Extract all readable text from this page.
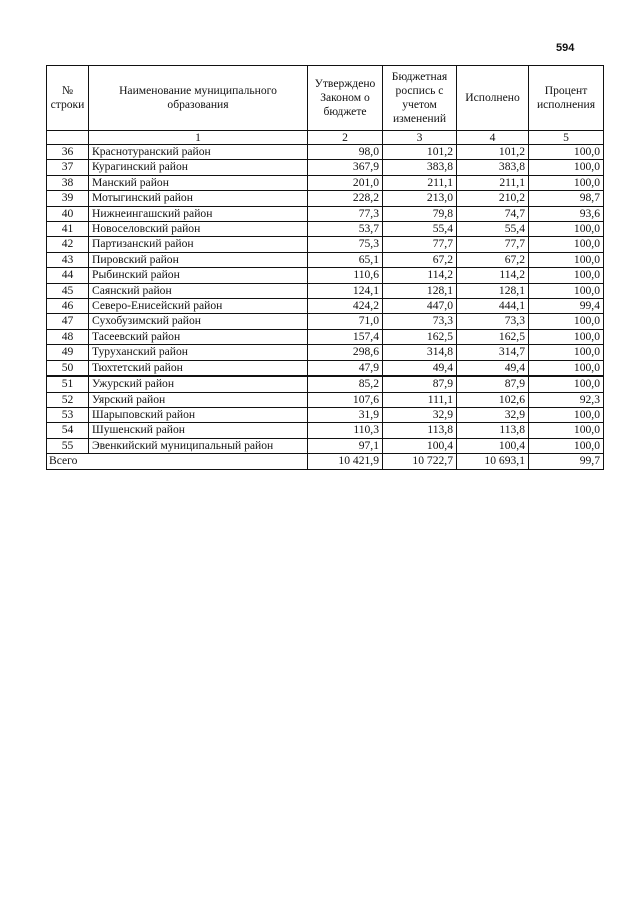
594
№ строки	Наименование муниципального образования	Утверждено Законом о бюджете	Бюджетная роспись с учетом изменений	Исполнено	Процент исполнения
	1	2	3	4	5
36	Краснотуранский район	98,0	101,2	101,2	100,0
37	Курагинский район	367,9	383,8	383,8	100,0
38	Манский район	201,0	211,1	211,1	100,0
39	Мотыгинский район	228,2	213,0	210,2	98,7
40	Нижнеингашский район	77,3	79,8	74,7	93,6
41	Новоселовский район	53,7	55,4	55,4	100,0
42	Партизанский район	75,3	77,7	77,7	100,0
43	Пировский район	65,1	67,2	67,2	100,0
44	Рыбинский район	110,6	114,2	114,2	100,0
45	Саянский район	124,1	128,1	128,1	100,0
46	Северо-Енисейский район	424,2	447,0	444,1	99,4
47	Сухобузимский район	71,0	73,3	73,3	100,0
48	Тасеевский район	157,4	162,5	162,5	100,0
49	Туруханский район	298,6	314,8	314,7	100,0
50	Тюхтетский район	47,9	49,4	49,4	100,0
51	Ужурский район	85,2	87,9	87,9	100,0
52	Уярский район	107,6	111,1	102,6	92,3
53	Шарыповский район	31,9	32,9	32,9	100,0
54	Шушенский район	110,3	113,8	113,8	100,0
55	Эвенкийский муниципальный район	97,1	100,4	100,4	100,0
Всего		10 421,9	10 722,7	10 693,1	99,7
